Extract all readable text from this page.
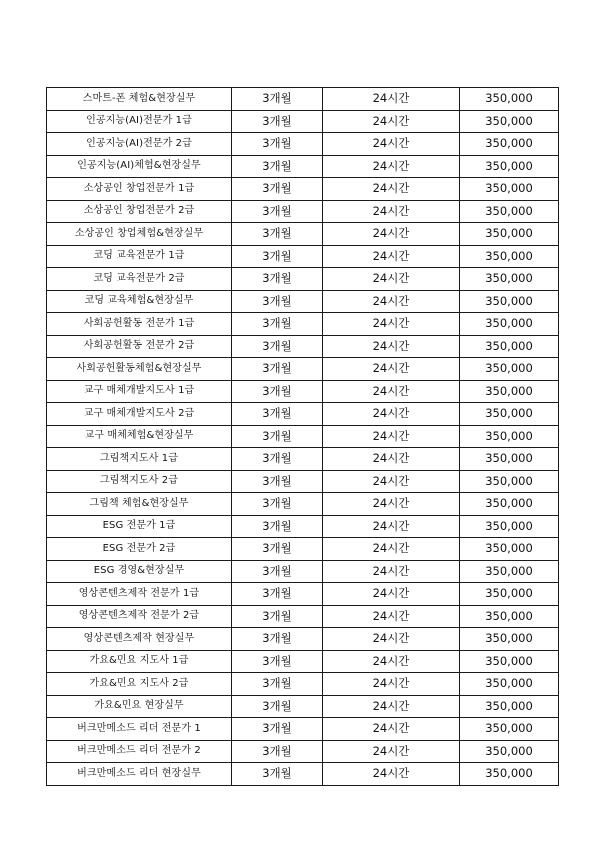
스마트-폰 체험&현장실무	3개월	24시간	350,000
인공지능(AI)전문가 1급	3개월	24시간	350,000
인공지능(AI)전문가 2급	3개월	24시간	350,000
인공지능(AI)체험&현장실무	3개월	24시간	350,000
소상공인 창업전문가 1급	3개월	24시간	350,000
소상공인 창업전문가 2급	3개월	24시간	350,000
소상공인 창업체험&현장실무	3개월	24시간	350,000
코딩 교육전문가 1급	3개월	24시간	350,000
코딩 교육전문가 2급	3개월	24시간	350,000
코딩 교육체험&현장실무	3개월	24시간	350,000
사회공헌활동 전문가 1급	3개월	24시간	350,000
사회공헌활동 전문가 2급	3개월	24시간	350,000
사회공헌활동체험&현장실무	3개월	24시간	350,000
교구 매체개발지도사 1급	3개월	24시간	350,000
교구 매체개발지도사 2급	3개월	24시간	350,000
교구 매체체험&현장실무	3개월	24시간	350,000
그림책지도사 1급	3개월	24시간	350,000
그림책지도사 2급	3개월	24시간	350,000
그림책 체험&현장실무	3개월	24시간	350,000
ESG 전문가 1급	3개월	24시간	350,000
ESG 전문가 2급	3개월	24시간	350,000
ESG 경영&현장실무	3개월	24시간	350,000
영상콘텐츠제작 전문가 1급	3개월	24시간	350,000
영상콘텐츠제작 전문가 2급	3개월	24시간	350,000
영상콘텐츠제작 현장실무	3개월	24시간	350,000
가요&민요 지도사 1급	3개월	24시간	350,000
가요&민요 지도사 2급	3개월	24시간	350,000
가요&민요 현장실무	3개월	24시간	350,000
버크만메소드 리더 전문가 1	3개월	24시간	350,000
버크만메소드 리더 전문가 2	3개월	24시간	350,000
버크만메소드 리더 현장실무	3개월	24시간	350,000
